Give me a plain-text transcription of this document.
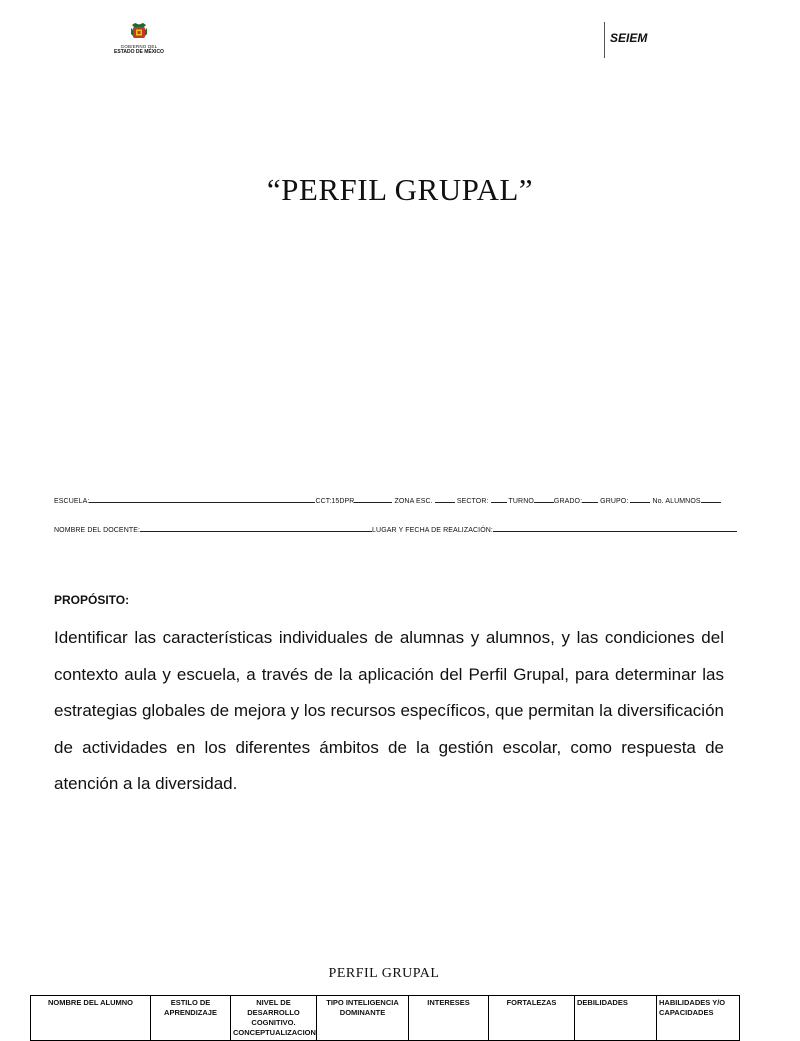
GOBIERNO DEL
ESTADO DE MÉXICO
SEIEM
“PERFIL GRUPAL”
ESCUELA:	CCT:15DPR	ZONA ESC.	SECTOR:	TURNO	GRADO:	GRUPO:	No. ALUMNOS
NOMBRE DEL DOCENTE:	LUGAR Y FECHA DE REALIZACIÓN:
PROPÓSITO:
Identificar las características individuales de alumnas y alumnos, y las condiciones del contexto aula y escuela, a través de la aplicación del Perfil Grupal, para determinar las estrategias globales de mejora y los recursos específicos, que permitan la diversificación de actividades en los diferentes ámbitos de la gestión escolar, como respuesta de atención a la diversidad.
PERFIL GRUPAL
NOMBRE DEL ALUMNO	ESTILO DE APRENDIZAJE	NIVEL DE DESARROLLO COGNITIVO. CONCEPTUALIZACION	TIPO INTELIGENCIA DOMINANTE	INTERESES	FORTALEZAS	DEBILIDADES	HABILIDADES Y/O CAPACIDADES
